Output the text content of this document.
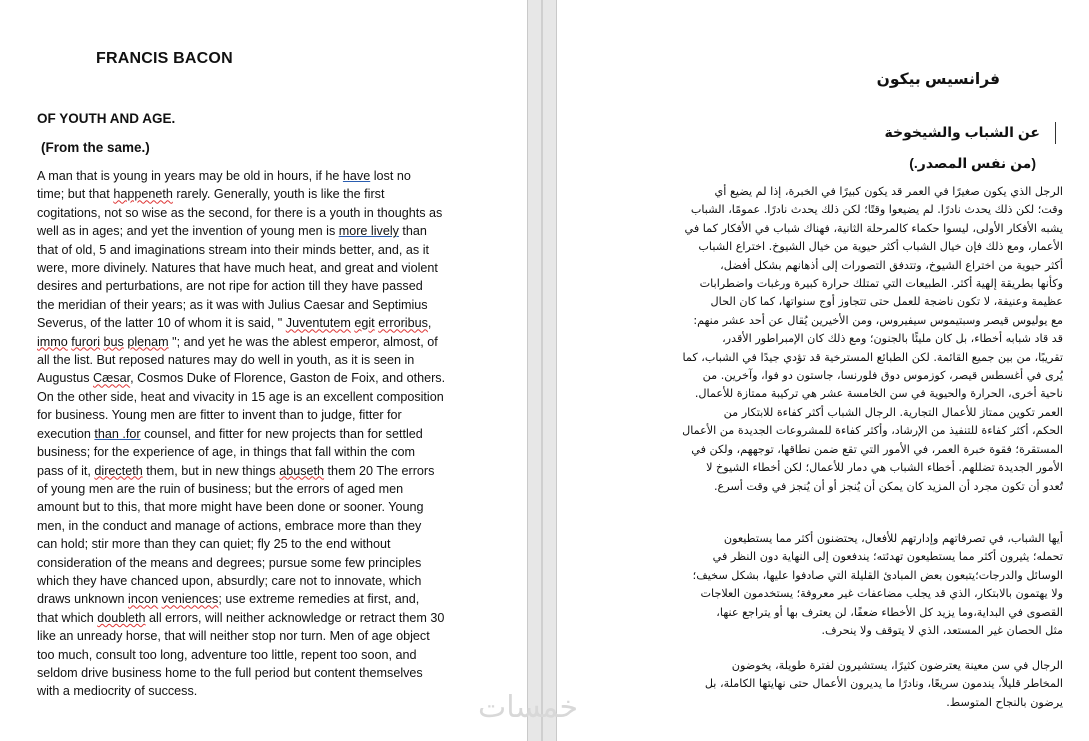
FRANCIS BACON
OF YOUTH AND AGE.
(From the same.)

A man that is young in years may be old in hours, if he have lost no
time; but that happeneth rarely. Generally, youth is like the first
cogitations, not so wise as the second, for there is a youth in thoughts as
well as in ages; and yet the invention of young men is more lively than
that of old, 5 and imaginations stream into their minds better, and, as it
were, more divinely. Natures that have much heat, and great and violent
desires and perturbations, are not ripe for action till they have passed
the meridian of their years; as it was with Julius Caesar and Septimius
Severus, of the latter 10 of whom it is said, " Juventutem egit erroribus,
immo furori bus plenam "; and yet he was the ablest emperor, almost, of
all the list. But reposed natures may do well in youth, as it is seen in
Augustus Cæsar, Cosmos Duke of Florence, Gaston de Foix, and others.
On the other side, heat and vivacity in 15 age is an excellent composition
for business. Young men are fitter to invent than to judge, fitter for
execution than .for counsel, and fitter for new projects than for settled
business; for the experience of age, in things that fall within the com
pass of it, directeth them, but in new things abuseth them 20 The errors
of young men are the ruin of business; but the errors of aged men
amount but to this, that more might have been done or sooner. Young
men, in the conduct and manage of actions, embrace more than they
can hold; stir more than they can quiet; fly 25 to the end without
consideration of the means and degrees; pursue some few principles
which they have chanced upon, absurdly; care not to innovate, which
draws unknown incon veniences; use extreme remedies at first, and,
that which doubleth all errors, will neither acknowledge or retract them 30
like an unready horse, that will neither stop nor turn. Men of age object
too much, consult too long, adventure too little, repent too soon, and
seldom drive business home to the full period but content themselves
with a mediocrity of success.

فرانسيس بيكون
عن الشباب والشيخوخة
(من نفس المصدر.)

الرجل الذي يكون صغيرًا في العمر قد يكون كبيرًا في الخبرة، إذا لم يضيع أي
وقت؛ لكن ذلك يحدث نادرًا. لم يضيعوا وقتًا؛ لكن ذلك يحدث نادرًا. عمومًا، الشباب
يشبه الأفكار الأولى، ليسوا حكماء كالمرحلة الثانية، فهناك شباب في الأفكار كما في
الأعمار، ومع ذلك فإن خيال الشباب أكثر حيوية من خيال الشيوخ. اختراع الشباب
أكثر حيوية من اختراع الشيوخ، وتتدفق التصورات إلى أذهانهم بشكل أفضل،
وكأنها بطريقة إلهية أكثر. الطبيعات التي تمتلك حرارة كبيرة ورغبات واضطرابات
عظيمة وعنيفة، لا تكون ناضجة للعمل حتى تتجاوز أوج سنواتها، كما كان الحال
مع يوليوس قيصر وسبتيموس سيفيروس، ومن الأخيرين يُقال عن أحد عشر منهم:
قد قاد شبابه أخطاء، بل كان مليئًا بالجنون؛ ومع ذلك كان الإمبراطور الأقدر،
تقريبًا، من بين جميع القائمة. لكن الطبائع المسترخية قد تؤدي جيدًا في الشباب، كما
يُرى في أغسطس قيصر، كوزموس دوق فلورنسا، جاستون دو فوا، وآخرين. من
ناحية أخرى، الحرارة والحيوية في سن الخامسة عشر هي تركيبة ممتازة للأعمال.
العمر تكوين ممتاز للأعمال التجارية. الرجال الشباب أكثر كفاءة للابتكار من
الحكم، أكثر كفاءة للتنفيذ من الإرشاد، وأكثر كفاءة للمشروعات الجديدة من الأعمال
المستقرة؛ فقوة خبرة العمر، في الأمور التي تقع ضمن نطاقها، توجههم، ولكن في
الأمور الجديدة تضللهم. أخطاء الشباب هي دمار للأعمال؛ لكن أخطاء الشيوخ لا
تُعدو أن تكون مجرد أن المزيد كان يمكن أن يُنجز أو أن يُنجز في وقت أسرع.

أيها الشباب، في تصرفاتهم وإدارتهم للأفعال، يحتضنون أكثر مما يستطيعون
تحمله؛ يثيرون أكثر مما يستطيعون تهدئته؛ يندفعون إلى النهاية دون النظر في
الوسائل والدرجات؛يتبعون بعض المبادئ القليلة التي صادفوا عليها، بشكل سخيف؛
ولا يهتمون بالابتكار، الذي قد يجلب مضاعفات غير معروفة؛ يستخدمون العلاجات
القصوى في البداية،وما يزيد كل الأخطاء ضعفًا، لن يعترف بها أو يتراجع عنها،
مثل الحصان غير المستعد، الذي لا يتوقف ولا ينحرف.

الرجال في سن معينة يعترضون كثيرًا، يستشيرون لفترة طويلة، يخوضون
المخاطر قليلاً، يندمون سريعًا، ونادرًا ما يديرون الأعمال حتى نهايتها الكاملة، بل
يرضون بالنجاح المتوسط.

خمسات
